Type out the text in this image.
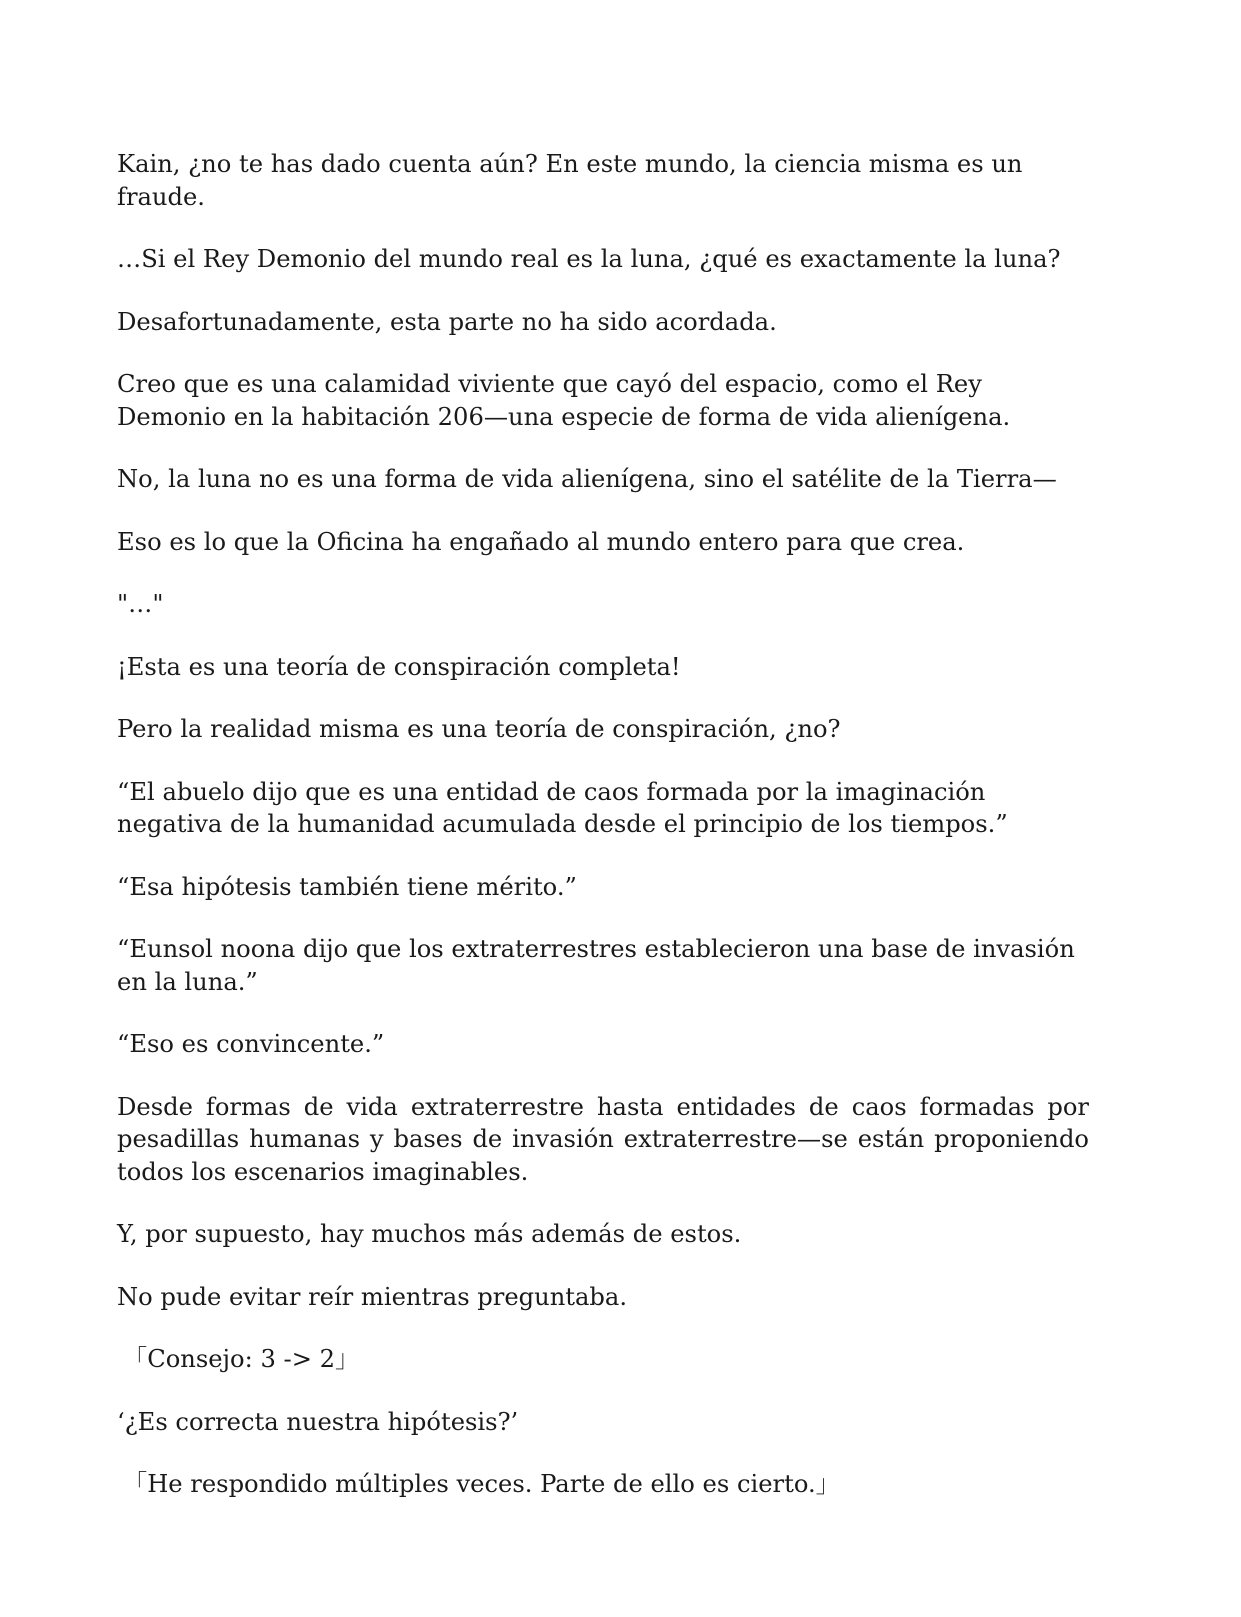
Kain, ¿no te has dado cuenta aún? En este mundo, la ciencia misma es un fraude.

…Si el Rey Demonio del mundo real es la luna, ¿qué es exactamente la luna?

Desafortunadamente, esta parte no ha sido acordada.

Creo que es una calamidad viviente que cayó del espacio, como el Rey Demonio en la habitación 206—una especie de forma de vida alienígena.

No, la luna no es una forma de vida alienígena, sino el satélite de la Tierra—

Eso es lo que la Oficina ha engañado al mundo entero para que crea.

"…"

¡Esta es una teoría de conspiración completa!

Pero la realidad misma es una teoría de conspiración, ¿no?

“El abuelo dijo que es una entidad de caos formada por la imaginación negativa de la humanidad acumulada desde el principio de los tiempos.”

“Esa hipótesis también tiene mérito.”

“Eunsol noona dijo que los extraterrestres establecieron una base de invasión en la luna.”

“Eso es convincente.”

Desde formas de vida extraterrestre hasta entidades de caos formadas por pesadillas humanas y bases de invasión extraterrestre—se están proponiendo todos los escenarios imaginables.

Y, por supuesto, hay muchos más además de estos.

No pude evitar reír mientras preguntaba.

「Consejo: 3 -> 2」

‘¿Es correcta nuestra hipótesis?’

「He respondido múltiples veces. Parte de ello es cierto.」
